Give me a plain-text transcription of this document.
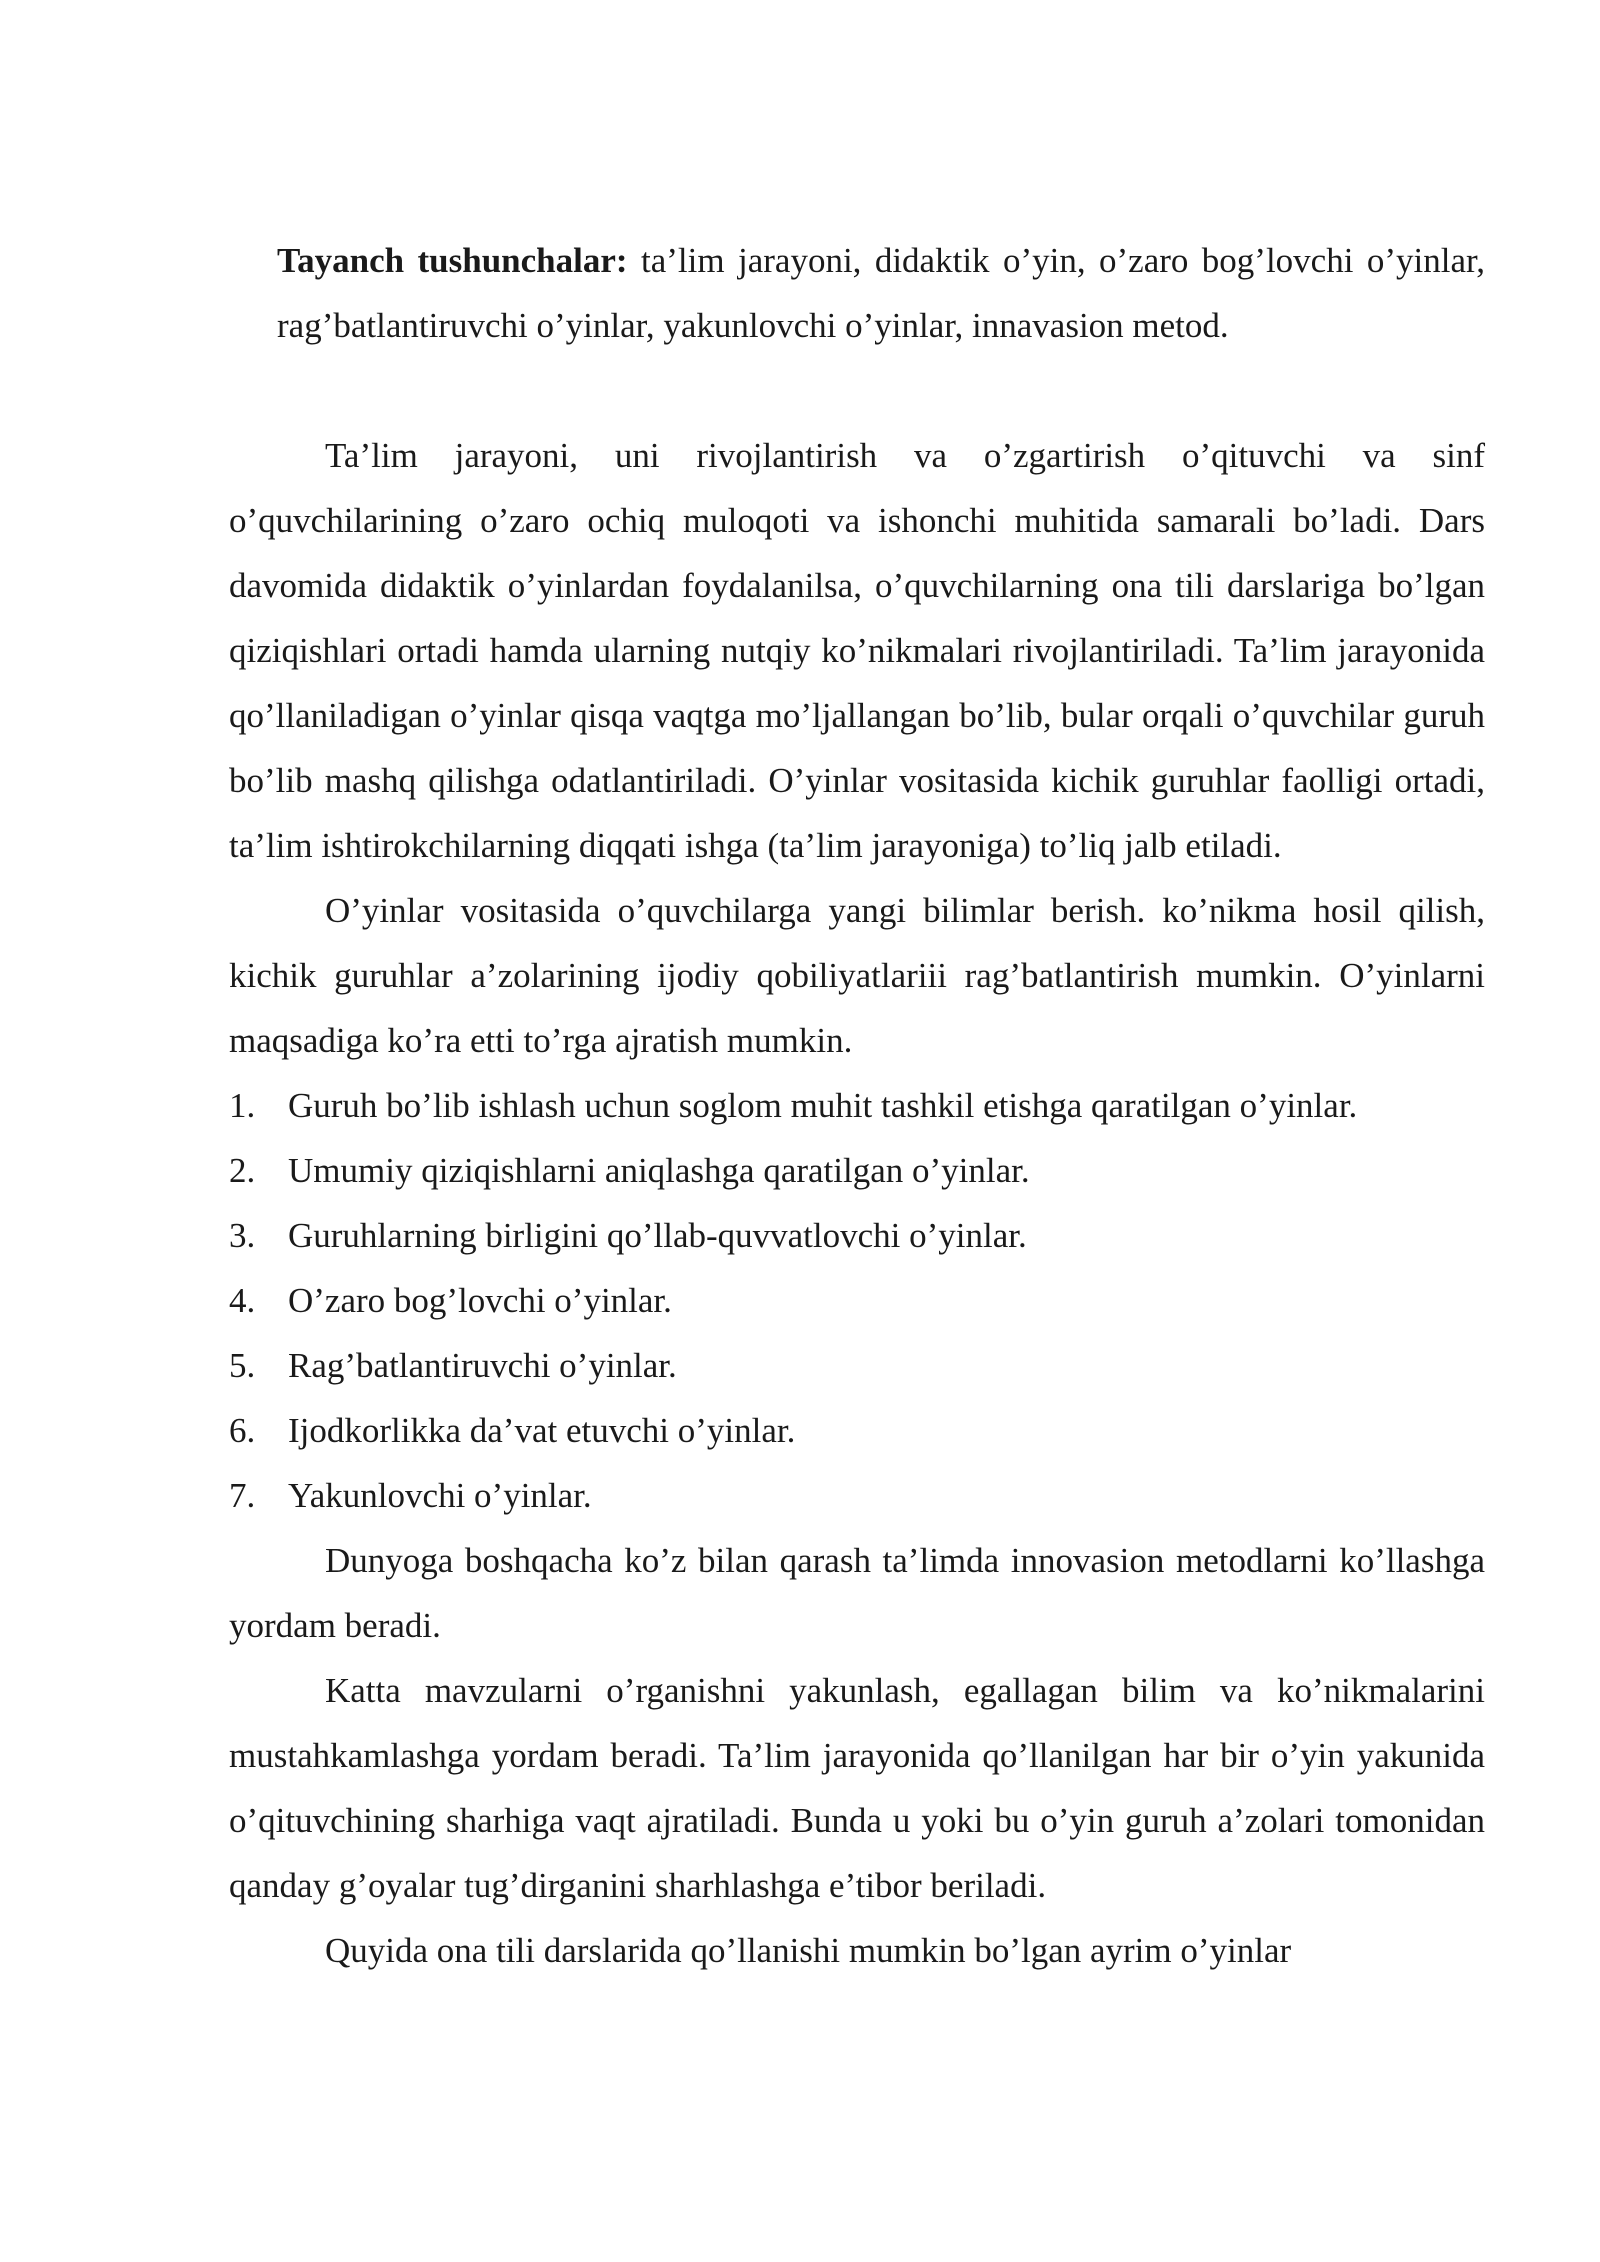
Tayanch tushunchalar: ta’lim jarayoni, didaktik o’yin, o’zaro bog’lovchi o’yinlar, rag’batlantiruvchi o’yinlar, yakunlovchi o’yinlar, innavasion metod.

Ta’lim jarayoni, uni rivojlantirish va o’zgartirish o’qituvchi va sinf o’quvchilarining o’zaro ochiq muloqoti va ishonchi muhitida samarali bo’ladi. Dars davomida didaktik o’yinlardan foydalanilsa, o’quvchilarning ona tili darslariga bo’lgan qiziqishlari ortadi hamda ularning nutqiy ko’nikmalari rivojlantiriladi. Ta’lim jarayonida qo’llaniladigan o’yinlar qisqa vaqtga mo’ljallangan bo’lib, bular orqali o’quvchilar guruh bo’lib mashq qilishga odatlantiriladi. O’yinlar vositasida kichik guruhlar faolligi ortadi, ta’lim ishtirokchilarning diqqati ishga (ta’lim jarayoniga) to’liq jalb etiladi.

O’yinlar vositasida o’quvchilarga yangi bilimlar berish. ko’nikma hosil qilish, kichik guruhlar a’zolarining ijodiy qobiliyatlariii rag’batlantirish mumkin. O’yinlarni maqsadiga ko’ra etti to’rga ajratish mumkin.

1. Guruh bo’lib ishlash uchun soglom muhit tashkil etishga qaratilgan o’yinlar.
2. Umumiy qiziqishlarni aniqlashga qaratilgan o’yinlar.
3. Guruhlarning birligini qo’llab-quvvatlovchi o’yinlar.
4. O’zaro bog’lovchi o’yinlar.
5. Rag’batlantiruvchi o’yinlar.
6. Ijodkorlikka da’vat etuvchi o’yinlar.
7. Yakunlovchi o’yinlar.

Dunyoga boshqacha ko’z bilan qarash ta’limda innovasion metodlarni ko’llashga yordam beradi.

Katta mavzularni o’rganishni yakunlash, egallagan bilim va ko’nikmalarini mustahkamlashga yordam beradi. Ta’lim jarayonida qo’llanilgan har bir o’yin yakunida o’qituvchining sharhiga vaqt ajratiladi. Bunda u yoki bu o’yin guruh a’zolari tomonidan qanday g’oyalar tug’dirganini sharhlashga e’tibor beriladi.

Quyida ona tili darslarida qo’llanishi mumkin bo’lgan ayrim o’yinlar
